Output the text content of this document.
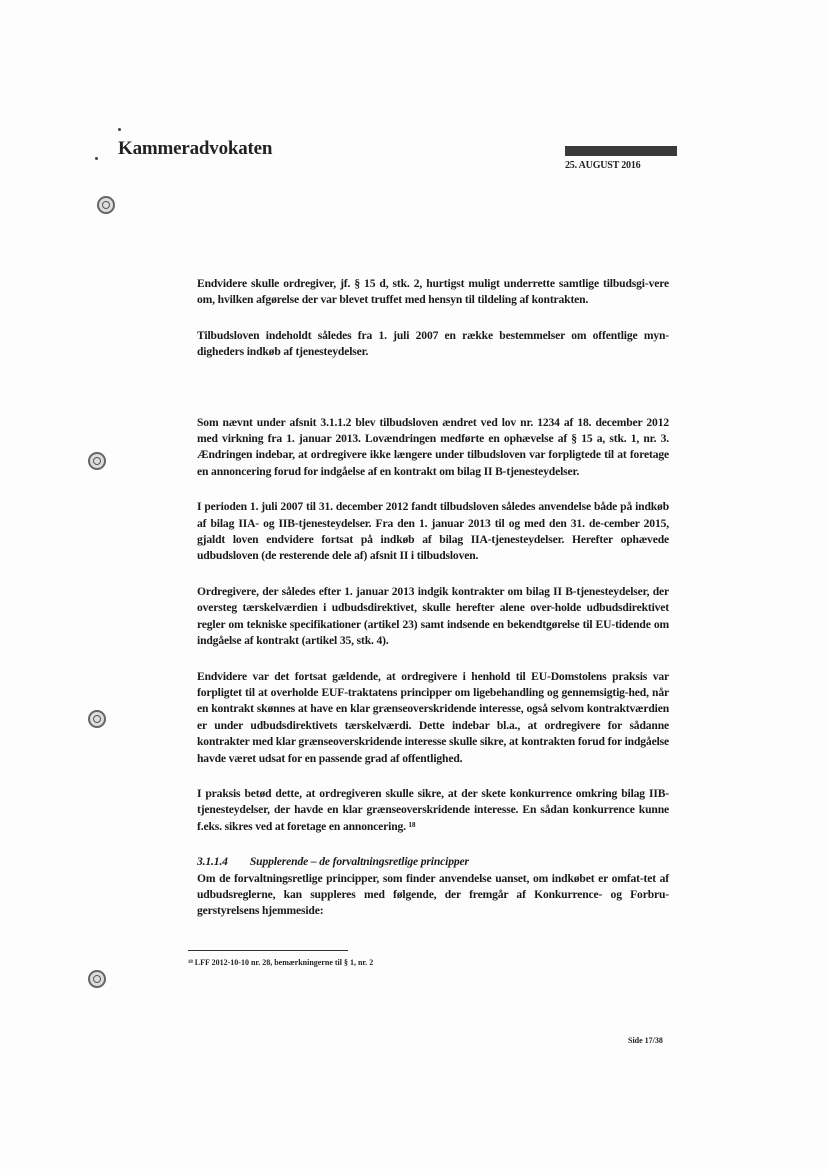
Kammeradvokaten
25. AUGUST 2016

Endvidere skulle ordregiver, jf. § 15 d, stk. 2, hurtigst muligt underrette samtlige tilbudsgi-vere om, hvilken afgørelse der var blevet truffet med hensyn til tildeling af kontrakten.

Tilbudsloven indeholdt således fra 1. juli 2007 en række bestemmelser om offentlige myn-digheders indkøb af tjenesteydelser.

Som nævnt under afsnit 3.1.1.2 blev tilbudsloven ændret ved lov nr. 1234 af 18. december 2012 med virkning fra 1. januar 2013. Lovændringen medførte en ophævelse af § 15 a, stk. 1, nr. 3. Ændringen indebar, at ordregivere ikke længere under tilbudsloven var forpligtede til at foretage en annoncering forud for indgåelse af en kontrakt om bilag II B-tjenesteydelser.

I perioden 1. juli 2007 til 31. december 2012 fandt tilbudsloven således anvendelse både på indkøb af bilag IIA- og IIB-tjenesteydelser. Fra den 1. januar 2013 til og med den 31. de-cember 2015, gjaldt loven endvidere fortsat på indkøb af bilag IIA-tjenesteydelser. Herefter ophævede udbudsloven (de resterende dele af) afsnit II i tilbudsloven.

Ordregivere, der således efter 1. januar 2013 indgik kontrakter om bilag II B-tjenesteydelser, der oversteg tærskelværdien i udbudsdirektivet, skulle herefter alene over-holde udbudsdirektivet regler om tekniske specifikationer (artikel 23) samt indsende en bekendtgørelse til EU-tidende om indgåelse af kontrakt (artikel 35, stk. 4).

Endvidere var det fortsat gældende, at ordregivere i henhold til EU-Domstolens praksis var forpligtet til at overholde EUF-traktatens principper om ligebehandling og gennemsigtig-hed, når en kontrakt skønnes at have en klar grænseoverskridende interesse, også selvom kontraktværdien er under udbudsdirektivets tærskelværdi. Dette indebar bl.a., at ordregivere for sådanne kontrakter med klar grænseoverskridende interesse skulle sikre, at kontrakten forud for indgåelse havde været udsat for en passende grad af offentlighed.

I praksis betød dette, at ordregiveren skulle sikre, at der skete konkurrence omkring bilag IIB-tjenesteydelser, der havde en klar grænseoverskridende interesse. En sådan konkurrence kunne f.eks. sikres ved at foretage en annoncering. ¹⁸

3.1.1.4 Supplerende – de forvaltningsretlige principper

Om de forvaltningsretlige principper, som finder anvendelse uanset, om indkøbet er omfat-tet af udbudsreglerne, kan suppleres med følgende, der fremgår af Konkurrence- og Forbru-gerstyrelsens hjemmeside:

¹⁸ LFF 2012-10-10 nr. 28, bemærkningerne til § 1, nr. 2
Side 17/38
